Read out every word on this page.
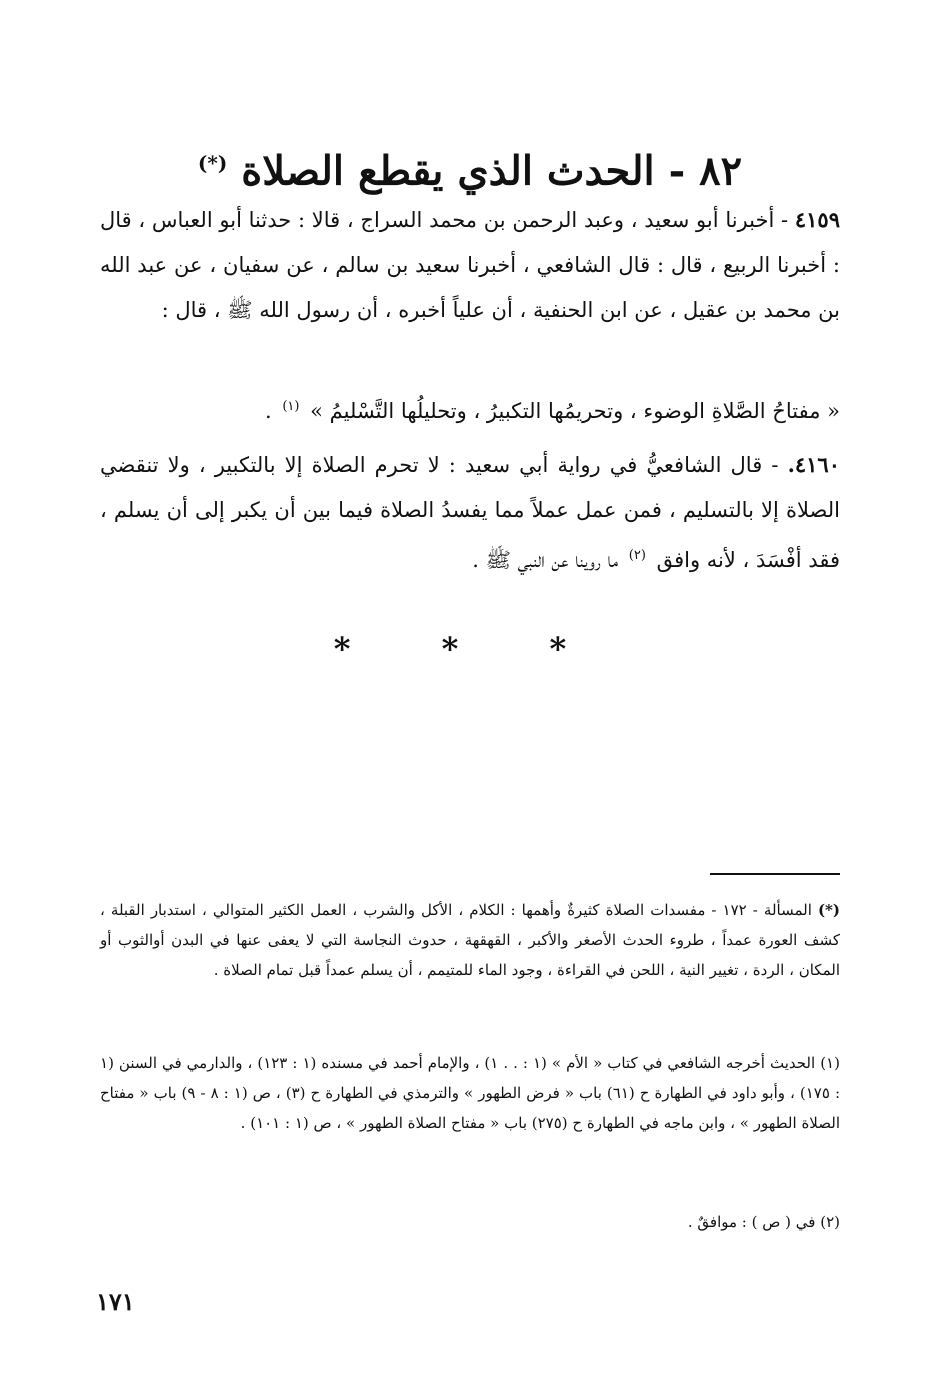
٨٢ - الحدث الذي يقطع الصلاة (*)
٤١٥٩ - أخبرنا أبو سعيد ، وعبد الرحمن بن محمد السراج ، قالا : حدثنا أبو العباس ، قال : أخبرنا الربيع ، قال : قال الشافعي ، أخبرنا سعيد بن سالم ، عن سفيان ، عن عبد الله بن محمد بن عقيل ، عن ابن الحنفية ، أن علياً أخبره ، أن رسول الله ﷺ ، قال :
« مفتاحُ الصَّلاةِ الوضوء ، وتحريمُها التكبيرُ ، وتحليلُها التَّسْليمُ » $^{(١)}$ .
٤١٦٠. - قال الشافعيُّ في رواية أبي سعيد : لا تحرم الصلاة إلا بالتكبير ، ولا تنقضي الصلاة إلا بالتسليم ، فمن عمل عملاً مما يفسدُ الصلاة فيما بين أن يكبر إلى أن يسلم ، فقد أفْسَدَ ، لأنه وافق $^{(٢)}$ ما روينا عن النبي ﷺ .
* * *
(*) المسألة - ١٧٢ - مفسدات الصلاة كثيرةٌ وأهمها : الكلام ، الأكل والشرب ، العمل الكثير المتوالي ، استدبار القبلة ، كشف العورة عمداً ، طروء الحدث الأصغر والأكبر ، القهقهة ، حدوث النجاسة التي لا يعفى عنها في البدن أوالثوب أو المكان ، الردة ، تغيير النية ، اللحن في القراءة ، وجود الماء للمتيمم ، أن يسلم عمداً قبل تمام الصلاة .
(١) الحديث أخرجه الشافعي في كتاب « الأم » (١ : . . ١) ، والإمام أحمد في مسنده (١ : ١٢٣) ، والدارمي في السنن (١ : ١٧٥) ، وأبو داود في الطهارة ح (٦١) باب « فرض الطهور » والترمذي في الطهارة ح (٣) ، ص (١ : ٨ - ٩) باب « مفتاح الصلاة الطهور » ، وابن ماجه في الطهارة ح (٢٧٥) باب « مفتاح الصلاة الطهور » ، ص (١ : ١٠١) .
(٢) في ( ص ) : موافقٌ .
١٧١
